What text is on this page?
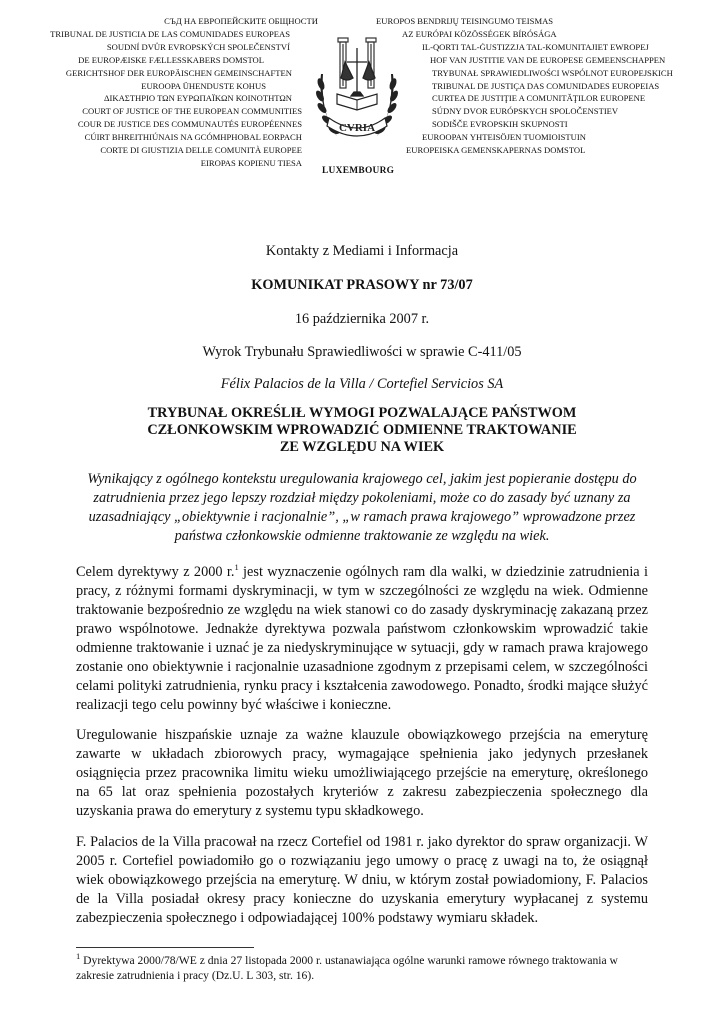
СЪД НА ЕВРОПЕЙСКИТЕ ОБЩНОСТИ
TRIBUNAL DE JUSTICIA DE LAS COMUNIDADES EUROPEAS
SOUDNÍ DVŮR EVROPSKÝCH SPOLEČENSTVÍ
DE EUROPÆISKE FÆLLESSKABERS DOMSTOL
GERICHTSHOF DER EUROPÄISCHEN GEMEINSCHAFTEN
EUROOPA ÜHENDUSTE KOHUS
ΔΙΚΑΣΤΗΡΙΟ ΤΩΝ ΕΥΡΩΠΑΪΚΩΝ ΚΟΙΝΟΤΗΤΩΝ
COURT OF JUSTICE OF THE EUROPEAN COMMUNITIES
COUR DE JUSTICE DES COMMUNAUTÉS EUROPÉENNES
CÚIRT BHREITHIÚNAIS NA GCÓMHPHOBAL EORPACH
CORTE DI GIUSTIZIA DELLE COMUNITÀ EUROPEE
EIROPAS KOPIENU TIESA
EUROPOS BENDRIJŲ TEISINGUMO TEISMAS
AZ EURÓPAI KÖZÖSSÉGEK BÍRÓSÁGA
IL-QORTI TAL-ĠUSTIZZJA TAL-KOMUNITAJIET EWROPEJ
HOF VAN JUSTITIE VAN DE EUROPESE GEMEENSCHAPPEN
TRYBUNAŁ SPRAWIEDLIWOŚCI WSPÓLNOT EUROPEJSKICH
TRIBUNAL DE JUSTIÇA DAS COMUNIDADES EUROPEIAS
CURTEA DE JUSTIŢIE A COMUNITĂŢILOR EUROPENE
SÚDNY DVOR EURÓPSKYCH SPOLOČENSTIEV
SODIŠČE EVROPSKIH SKUPNOSTI
EUROOPAN YHTEISÖJEN TUOMIOISTUIN
EUROPEISKA GEMENSKAPERNAS DOMSTOL
CVRIA
LUXEMBOURG
Kontakty z Mediami i Informacja
KOMUNIKAT PRASOWY nr 73/07
16 października 2007 r.
Wyrok Trybunału Sprawiedliwości w sprawie C-411/05
Félix Palacios de la Villa / Cortefiel Servicios SA
TRYBUNAŁ OKREŚLIŁ WYMOGI POZWALAJĄCE PAŃSTWOM
CZŁONKOWSKIM WPROWADZIĆ ODMIENNE TRAKTOWANIE
ZE WZGLĘDU NA WIEK
Wynikający z ogólnego kontekstu uregulowania krajowego cel, jakim jest popieranie dostępu do zatrudnienia przez jego lepszy rozdział między pokoleniami, może co do zasady być uznany za uzasadniający „obiektywnie i racjonalnie”, „w ramach prawa krajowego” wprowadzone przez państwa członkowskie odmienne traktowanie ze względu na wiek.
Celem dyrektywy z 2000 r.$^1$ jest wyznaczenie ogólnych ram dla walki, w dziedzinie zatrudnienia i pracy, z różnymi formami dyskryminacji, w tym w szczególności ze względu na wiek. Odmienne traktowanie bezpośrednio ze względu na wiek stanowi co do zasady dyskryminację zakazaną przez prawo wspólnotowe. Jednakże dyrektywa pozwala państwom członkowskim wprowadzić takie odmienne traktowanie i uznać je za niedyskryminujące w sytuacji, gdy w ramach prawa krajowego zostanie ono obiektywnie i racjonalnie uzasadnione zgodnym z przepisami celem, w szczególności celami polityki zatrudnienia, rynku pracy i kształcenia zawodowego. Ponadto, środki mające służyć realizacji tego celu powinny być właściwe i konieczne.
Uregulowanie hiszpańskie uznaje za ważne klauzule obowiązkowego przejścia na emeryturę zawarte w układach zbiorowych pracy, wymagające spełnienia jako jedynych przesłanek osiągnięcia przez pracownika limitu wieku umożliwiającego przejście na emeryturę, określonego na 65 lat oraz spełnienia pozostałych kryteriów z zakresu zabezpieczenia społecznego dla uzyskania prawa do emerytury z systemu typu składkowego.
F. Palacios de la Villa pracował na rzecz Cortefiel od 1981 r. jako dyrektor do spraw organizacji. W 2005 r. Cortefiel powiadomiło go o rozwiązaniu jego umowy o pracę z uwagi na to, że osiągnął wiek obowiązkowego przejścia na emeryturę. W dniu, w którym został powiadomiony, F. Palacios de la Villa posiadał okresy pracy konieczne do uzyskania emerytury wypłacanej z systemu zabezpieczenia społecznego i odpowiadającej 100% podstawy wymiaru składek.
$^1$ Dyrektywa 2000/78/WE z dnia 27 listopada 2000 r. ustanawiająca ogólne warunki ramowe równego traktowania w zakresie zatrudnienia i pracy (Dz.U. L 303, str. 16).
